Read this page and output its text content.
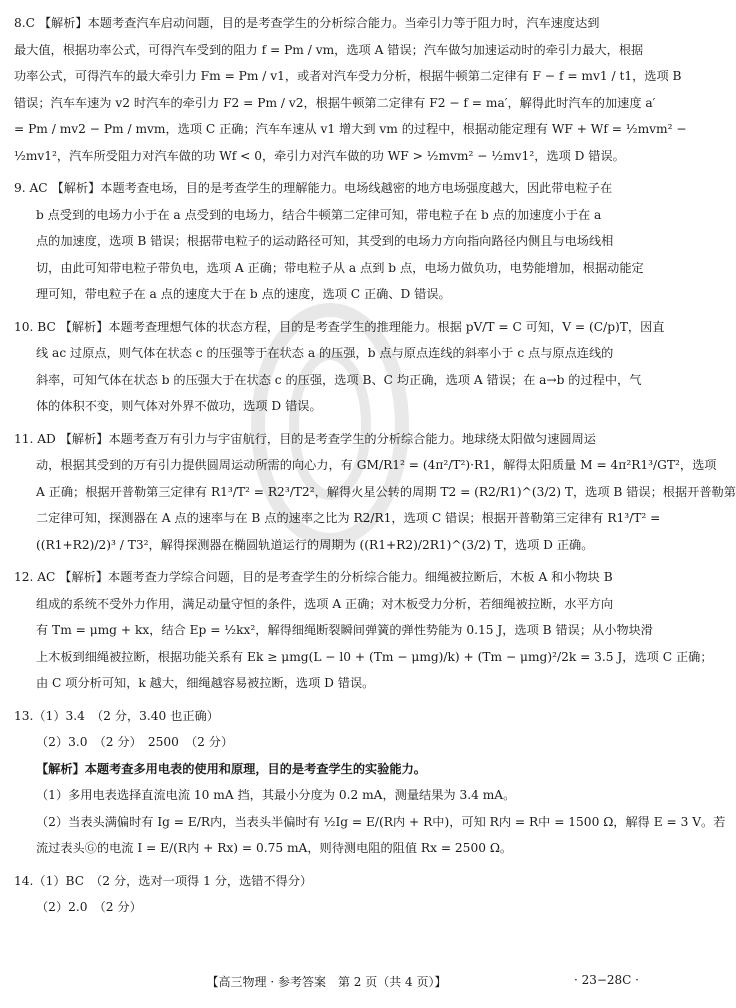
8.C 【解析】本题考查汽车启动问题，目的是考查学生的分析综合能力。当牵引力等于阻力时，汽车速度达到
最大值，根据功率公式，可得汽车受到的阻力 f = Pm / vm，选项 A 错误；汽车做匀加速运动时的牵引力最大，根据
功率公式，可得汽车的最大牵引力 Fm = Pm / v1，或者对汽车受力分析，根据牛顿第二定律有 F − f = mv1 / t1，选项 B
错误；汽车车速为 v2 时汽车的牵引力 F2 = Pm / v2，根据牛顿第二定律有 F2 − f = ma′，解得此时汽车的加速度 a′
= Pm / mv2 − Pm / mvm，选项 C 正确；汽车车速从 v1 增大到 vm 的过程中，根据动能定理有 WF + Wf = ½mvm² −
½mv1²，汽车所受阻力对汽车做的功 Wf < 0，牵引力对汽车做的功 WF > ½mvm² − ½mv1²，选项 D 错误。
9. AC 【解析】本题考查电场，目的是考查学生的理解能力。电场线越密的地方电场强度越大，因此带电粒子在
b 点受到的电场力小于在 a 点受到的电场力，结合牛顿第二定律可知，带电粒子在 b 点的加速度小于在 a
点的加速度，选项 B 错误；根据带电粒子的运动路径可知，其受到的电场力方向指向路径内侧且与电场线相
切，由此可知带电粒子带负电，选项 A 正确；带电粒子从 a 点到 b 点，电场力做负功，电势能增加，根据动能定
理可知，带电粒子在 a 点的速度大于在 b 点的速度，选项 C 正确、D 错误。
10. BC 【解析】本题考查理想气体的状态方程，目的是考查学生的推理能力。根据 pV/T = C 可知，V = (C/p)T，因直
线 ac 过原点，则气体在状态 c 的压强等于在状态 a 的压强，b 点与原点连线的斜率小于 c 点与原点连线的
斜率，可知气体在状态 b 的压强大于在状态 c 的压强，选项 B、C 均正确，选项 A 错误；在 a→b 的过程中，气
体的体积不变，则气体对外界不做功，选项 D 错误。
11. AD 【解析】本题考查万有引力与宇宙航行，目的是考查学生的分析综合能力。地球绕太阳做匀速圆周运
动，根据其受到的万有引力提供圆周运动所需的向心力，有 GM/R1² = (4π²/T²)·R1，解得太阳质量 M = 4π²R1³/GT²，选项
A 正确；根据开普勒第三定律有 R1³/T² = R2³/T2²，解得火星公转的周期 T2 = (R2/R1)^(3/2) T，选项 B 错误；根据开普勒第
二定律可知，探测器在 A 点的速率与在 B 点的速率之比为 R2/R1，选项 C 错误；根据开普勒第三定律有 R1³/T² =
((R1+R2)/2)³ / T3²，解得探测器在椭圆轨道运行的周期为 ((R1+R2)/2R1)^(3/2) T，选项 D 正确。
12. AC 【解析】本题考查力学综合问题，目的是考查学生的分析综合能力。细绳被拉断后，木板 A 和小物块 B
组成的系统不受外力作用，满足动量守恒的条件，选项 A 正确；对木板受力分析，若细绳被拉断，水平方向
有 Tm = μmg + kx，结合 Ep = ½kx²，解得细绳断裂瞬间弹簧的弹性势能为 0.15 J，选项 B 错误；从小物块滑
上木板到细绳被拉断，根据功能关系有 Ek ≥ μmg(L − l0 + (Tm − μmg)/k) + (Tm − μmg)²/2k = 3.5 J，选项 C 正确；
由 C 项分析可知，k 越大，细绳越容易被拉断，选项 D 错误。
13.（1）3.4　（2 分，3.40 也正确）
（2）3.0　（2 分）　2500　（2 分）
【解析】本题考查多用电表的使用和原理，目的是考查学生的实验能力。
（1）多用电表选择直流电流 10 mA 挡，其最小分度为 0.2 mA，测量结果为 3.4 mA。
（2）当表头满偏时有 Ig = E/R内，当表头半偏时有 ½Ig = E/(R内 + R中)，可知 R内 = R中 = 1500 Ω，解得 E = 3 V。若
流过表头Ⓖ的电流 I = E/(R内 + Rx) = 0.75 mA，则待测电阻的阻值 Rx = 2500 Ω。
14.（1）BC　（2 分，选对一项得 1 分，选错不得分）
（2）2.0　（2 分）
【高三物理 · 参考答案　第 2 页（共 4 页）】	· 23−28C ·
